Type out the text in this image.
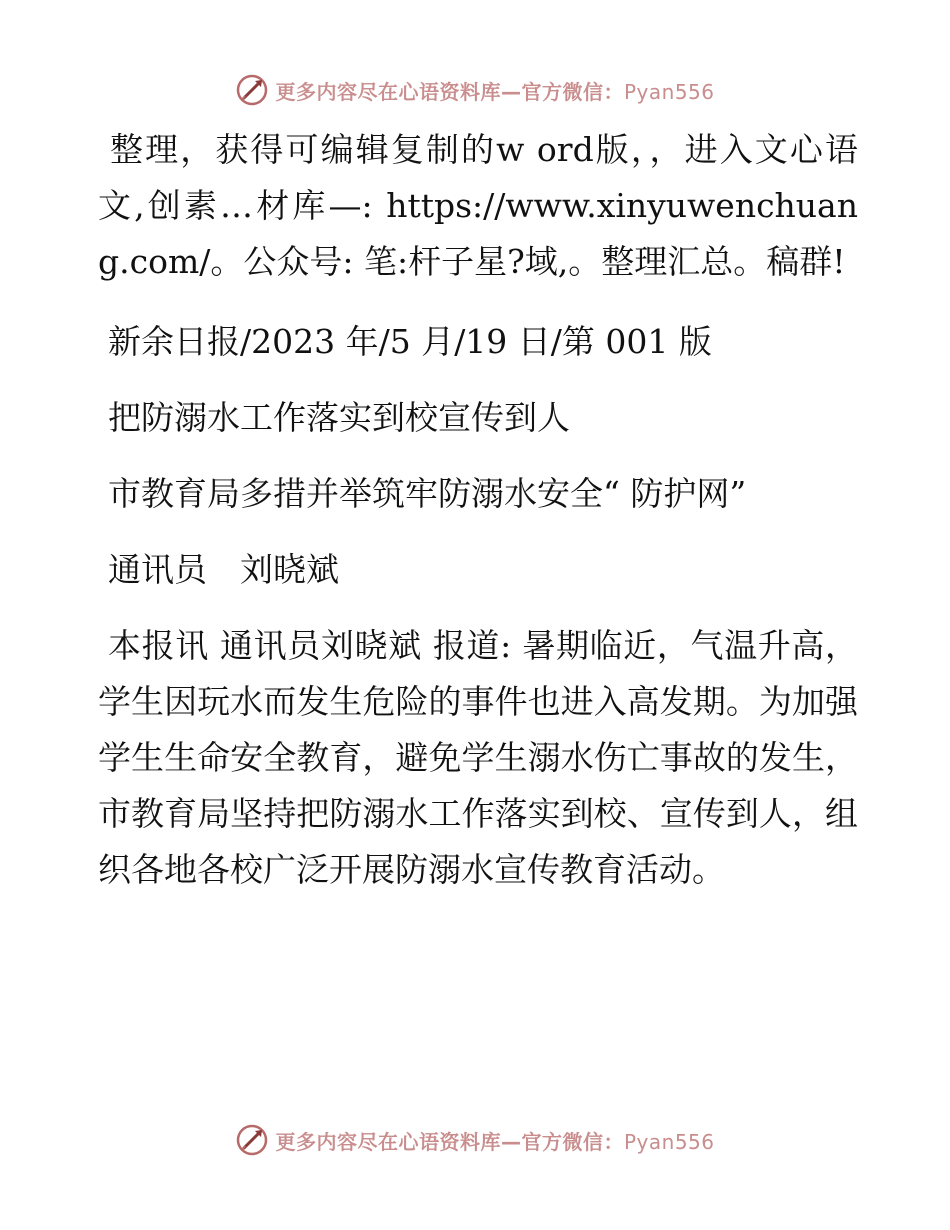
更多内容尽在心语资料库—官方微信：Pyan556

整理，获得可编辑复制的w ord版，，进入文心语文,创素…材库—: https://www.xinyuwenchuang.com/。公众号: 笔:杆子星?域,。整理汇总。稿群!

新余日报/2023 年/5 月/19 日/第 001 版

把防溺水工作落实到校宣传到人

市教育局多措并举筑牢防溺水安全“ 防护网”

通讯员　刘晓斌

本报讯 通讯员刘晓斌 报道: 暑期临近，气温升高，学生因玩水而发生危险的事件也进入高发期。为加强学生生命安全教育，避免学生溺水伤亡事故的发生，市教育局坚持把防溺水工作落实到校、宣传到人，组织各地各校广泛开展防溺水宣传教育活动。

更多内容尽在心语资料库—官方微信：Pyan556
